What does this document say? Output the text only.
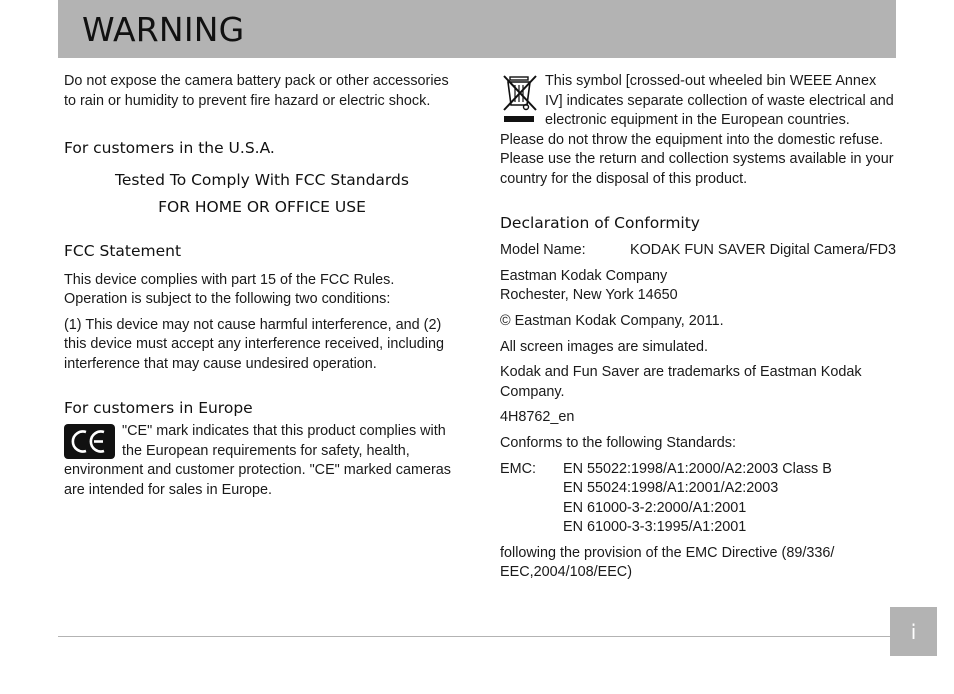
WARNING

Do not expose the camera battery pack or other accessories to rain or humidity to prevent fire hazard or electric shock.

For customers in the U.S.A.
Tested To Comply With FCC Standards
FOR HOME OR OFFICE USE
FCC Statement

This device complies with part 15 of the FCC Rules. Operation is subject to the following two conditions:

(1) This device may not cause harmful interference, and (2) this device must accept any interference received, including interference that may cause undesired operation.

For customers in Europe

"CE" mark indicates that this product complies with the European requirements for safety, health, environment and customer protection. "CE" marked cameras are intended for sales in Europe.

This symbol [crossed-out wheeled bin WEEE Annex IV] indicates separate collection of waste electrical and electronic equipment in the European countries. Please do not throw the equipment into the domestic refuse. Please use the return and collection systems available in your country for the disposal of this product.

Declaration of Conformity
Model Name:	KODAK FUN SAVER Digital Camera/FD3
Eastman Kodak Company
Rochester, New York 14650

© Eastman Kodak Company, 2011.

All screen images are simulated.

Kodak and Fun Saver are trademarks of Eastman Kodak Company.

4H8762_en

Conforms to the following Standards:

EMC:	EN 55022:1998/A1:2000/A2:2003 Class B
EN 55024:1998/A1:2001/A2:2003
EN 61000-3-2:2000/A1:2001
EN 61000-3-3:1995/A1:2001

following the provision of the EMC Directive (89/336/ EEC,2004/108/EEC)

i
